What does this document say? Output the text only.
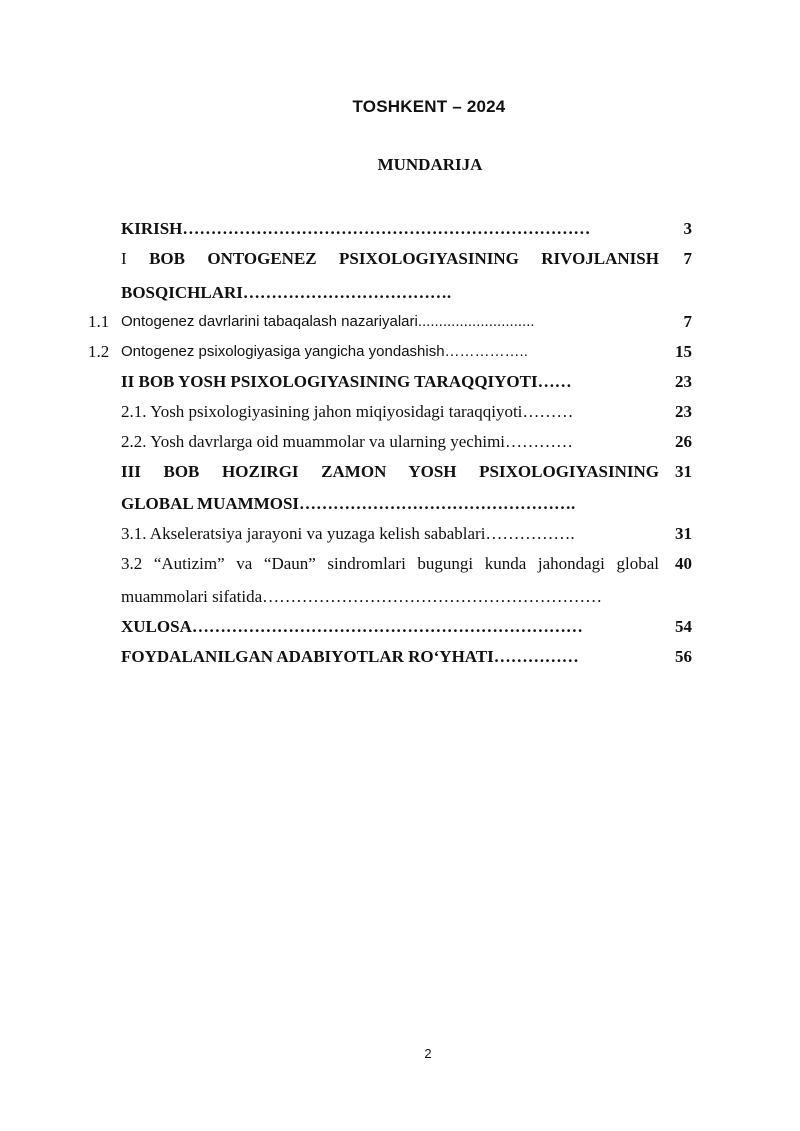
TOSHKENT – 2024
MUNDARIJA
KIRISH………………………………………………………………	3
I BOB ONTOGENEZ PSIXOLOGIYASINING RIVOJLANISH 7
BOSQICHLARI……………………………….
1.1 Ontogenez davrlarini tabaqalash nazariyalari............................	7
1.2 Ontogenez psixologiyasiga yangicha yondashish……………..	15
II BOB YOSH PSIXOLOGIYASINING TARAQQIYOTI……	23
2.1. Yosh psixologiyasining jahon miqiyosidagi taraqqiyoti………	23
2.2. Yosh davrlarga oid muammolar va ularning yechimi…………	26
III BOB HOZIRGI ZAMON YOSH PSIXOLOGIYASINING 31
GLOBAL MUAMMOSI………………………………………….
3.1. Akseleratsiya jarayoni va yuzaga kelish sabablari…………….	31
3.2 “Autizim” va “Daun” sindromlari bugungi kunda jahondagi global 40
muammolari sifatida……………………………………………………
XULOSA……………………………………………………………	54
FOYDALANILGAN ADABIYOTLAR RO‘YHATI……………	56
2
